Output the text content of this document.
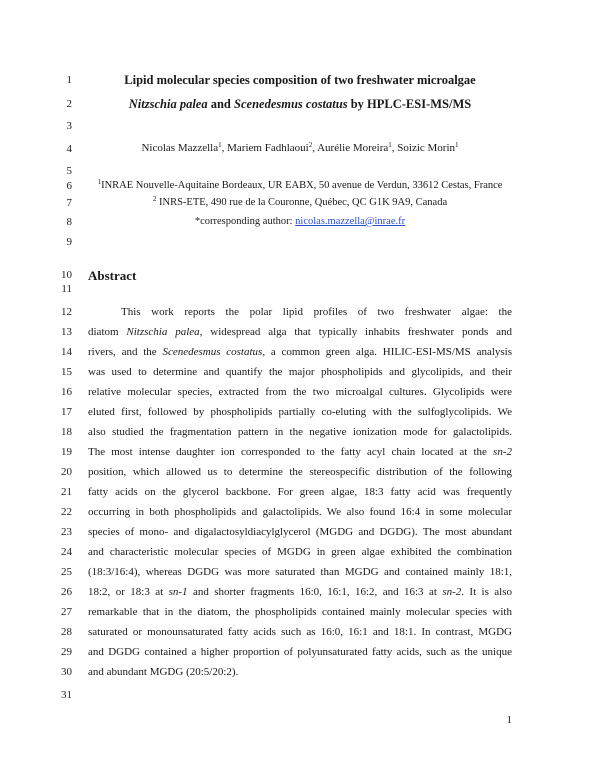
1
2
3
4
5
6
7
8
9
10
11
12
13
14
15
16
17
18
19
20
21
22
23
24
25
26
27
28
29
30
31
Lipid molecular species composition of two freshwater microalgae
Nitzschia palea and Scenedesmus costatus by HPLC-ESI-MS/MS
Nicolas Mazzella$^1$, Mariem Fadhlaoui$^2$, Aurélie Moreira$^1$, Soizic Morin$^1$
$^1$INRAE Nouvelle-Aquitaine Bordeaux, UR EABX, 50 avenue de Verdun, 33612 Cestas, France
$^2$ INRS-ETE, 490 rue de la Couronne, Québec, QC G1K 9A9, Canada
*corresponding author: nicolas.mazzella@inrae.fr
Abstract
This work reports the polar lipid profiles of two freshwater algae: the
diatom Nitzschia palea, widespread alga that typically inhabits freshwater ponds and
rivers, and the Scenedesmus costatus, a common green alga. HILIC-ESI-MS/MS analysis
was used to determine and quantify the major phospholipids and glycolipids, and their
relative molecular species, extracted from the two microalgal cultures. Glycolipids were
eluted first, followed by phospholipids partially co-eluting with the sulfoglycolipids. We
also studied the fragmentation pattern in the negative ionization mode for galactolipids.
The most intense daughter ion corresponded to the fatty acyl chain located at the sn-2
position, which allowed us to determine the stereospecific distribution of the following
fatty acids on the glycerol backbone. For green algae, 18:3 fatty acid was frequently
occurring in both phospholipids and galactolipids. We also found 16:4 in some molecular
species of mono- and digalactosyldiacylglycerol (MGDG and DGDG). The most abundant
and characteristic molecular species of MGDG in green algae exhibited the combination
(18:3/16:4), whereas DGDG was more saturated than MGDG and contained mainly 18:1,
18:2, or 18:3 at sn-1 and shorter fragments 16:0, 16:1, 16:2, and 16:3 at sn-2. It is also
remarkable that in the diatom, the phospholipids contained mainly molecular species with
saturated or monounsaturated fatty acids such as 16:0, 16:1 and 18:1. In contrast, MGDG
and DGDG contained a higher proportion of polyunsaturated fatty acids, such as the unique
and abundant MGDG (20:5/20:2).
1
